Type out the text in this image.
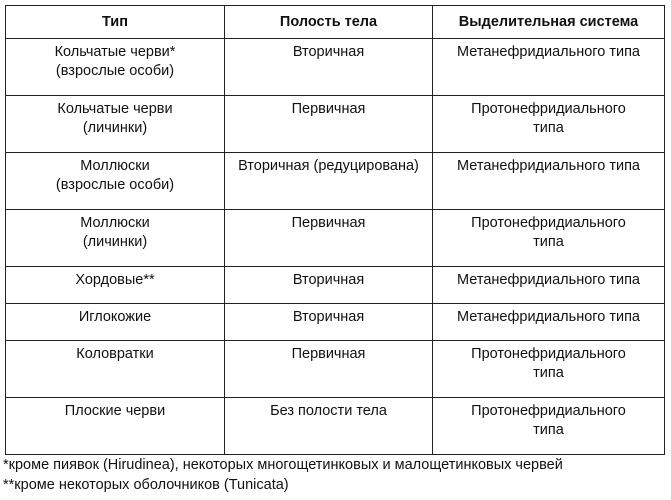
Тип	Полость тела	Выделительная система

Кольчатые черви*
(взрослые особи)	Вторичная	Метанефридиального типа

Кольчатые черви
(личинки)	Первичная	Протонефридиального
типа

Моллюски
(взрослые особи)	Вторичная (редуцирована)	Метанефридиального типа

Моллюски
(личинки)	Первичная	Протонефридиального
типа

Хордовые**	Вторичная	Метанефридиального типа

Иглокожие	Вторичная	Метанефридиального типа

Коловратки	Первичная	Протонефридиального
типа

Плоские черви	Без полости тела	Протонефридиального
типа
*кроме пиявок (Hirudinea), некоторых многощетинковых и малощетинковых червей
**кроме некоторых оболочников (Tunicata)
